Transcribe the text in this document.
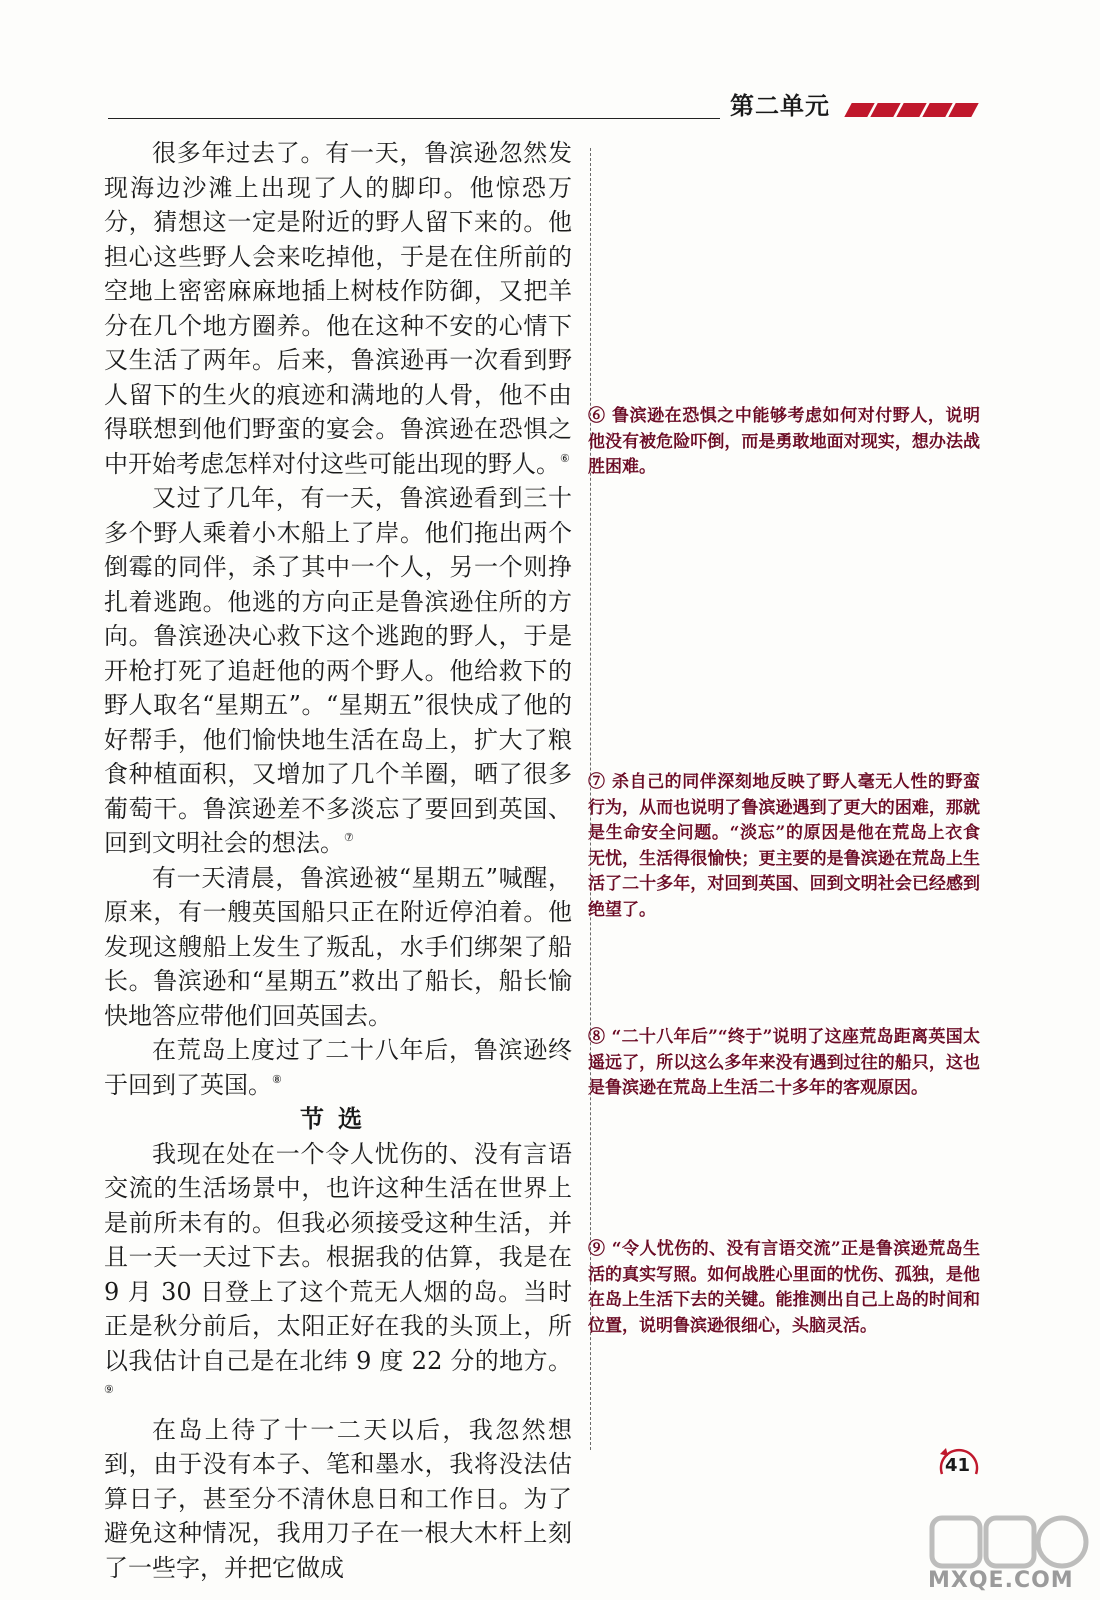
第二单元

很多年过去了。有一天，鲁滨逊忽然发现海边沙滩上出现了人的脚印。他惊恐万分，猜想这一定是附近的野人留下来的。他担心这些野人会来吃掉他，于是在住所前的空地上密密麻麻地插上树枝作防御，又把羊分在几个地方圈养。他在这种不安的心情下又生活了两年。后来，鲁滨逊再一次看到野人留下的生火的痕迹和满地的人骨，他不由得联想到他们野蛮的宴会。鲁滨逊在恐惧之中开始考虑怎样对付这些可能出现的野人。⑥

又过了几年，有一天，鲁滨逊看到三十多个野人乘着小木船上了岸。他们拖出两个倒霉的同伴，杀了其中一个人，另一个则挣扎着逃跑。他逃的方向正是鲁滨逊住所的方向。鲁滨逊决心救下这个逃跑的野人，于是开枪打死了追赶他的两个野人。他给救下的野人取名“星期五”。“星期五”很快成了他的好帮手，他们愉快地生活在岛上，扩大了粮食种植面积，又增加了几个羊圈，晒了很多葡萄干。鲁滨逊差不多淡忘了要回到英国、回到文明社会的想法。⑦

有一天清晨，鲁滨逊被“星期五”喊醒，原来，有一艘英国船只正在附近停泊着。他发现这艘船上发生了叛乱，水手们绑架了船长。鲁滨逊和“星期五”救出了船长，船长愉快地答应带他们回英国去。

在荒岛上度过了二十八年后，鲁滨逊终于回到了英国。⑧

节选

我现在处在一个令人忧伤的、没有言语交流的生活场景中，也许这种生活在世界上是前所未有的。但我必须接受这种生活，并且一天一天过下去。根据我的估算，我是在 9 月 30 日登上了这个荒无人烟的岛。当时正是秋分前后，太阳正好在我的头顶上，所以我估计自己是在北纬 9 度 22 分的地方。⑨

在岛上待了十一二天以后，我忽然想到，由于没有本子、笔和墨水，我将没法估算日子，甚至分不清休息日和工作日。为了避免这种情况，我用刀子在一根大木杆上刻了一些字，并把它做成

⑥ 鲁滨逊在恐惧之中能够考虑如何对付野人，说明他没有被危险吓倒，而是勇敢地面对现实，想办法战胜困难。
⑦ 杀自己的同伴深刻地反映了野人毫无人性的野蛮行为，从而也说明了鲁滨逊遇到了更大的困难，那就是生命安全问题。“淡忘”的原因是他在荒岛上衣食无忧，生活得很愉快；更主要的是鲁滨逊在荒岛上生活了二十多年，对回到英国、回到文明社会已经感到绝望了。
⑧ “二十八年后”“终于”说明了这座荒岛距离英国太遥远了，所以这么多年来没有遇到过往的船只，这也是鲁滨逊在荒岛上生活二十多年的客观原因。
⑨ “令人忧伤的、没有言语交流”正是鲁滨逊荒岛生活的真实写照。如何战胜心里面的忧伤、孤独，是他在岛上生活下去的关键。能推测出自己上岛的时间和位置，说明鲁滨逊很细心，头脑灵活。
41
MXQE.COM
